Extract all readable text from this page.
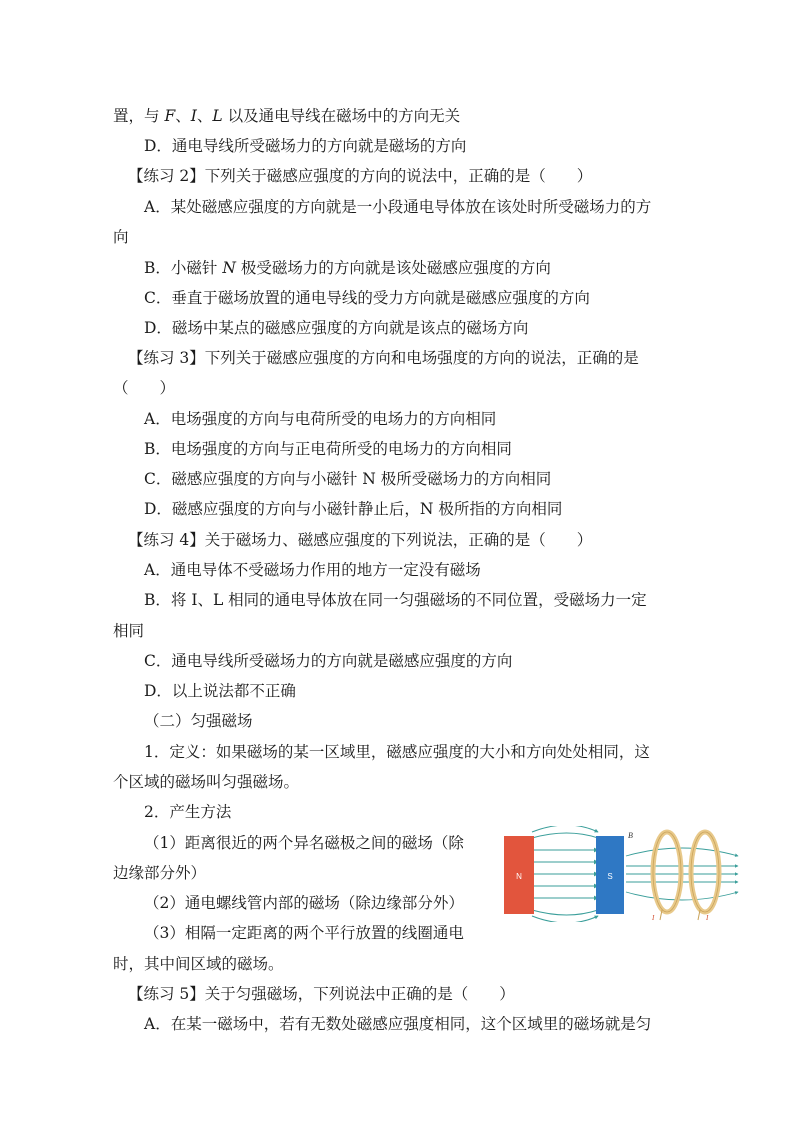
置，与 F、I、L 以及通电导线在磁场中的方向无关
D．通电导线所受磁场力的方向就是磁场的方向
【练习 2】下列关于磁感应强度的方向的说法中，正确的是（　　）
A．某处磁感应强度的方向就是一小段通电导体放在该处时所受磁场力的方
向
B．小磁针 N 极受磁场力的方向就是该处磁感应强度的方向
C．垂直于磁场放置的通电导线的受力方向就是磁感应强度的方向
D．磁场中某点的磁感应强度的方向就是该点的磁场方向
【练习 3】下列关于磁感应强度的方向和电场强度的方向的说法，正确的是
（　　）
A．电场强度的方向与电荷所受的电场力的方向相同
B．电场强度的方向与正电荷所受的电场力的方向相同
C．磁感应强度的方向与小磁针 N 极所受磁场力的方向相同
D．磁感应强度的方向与小磁针静止后，N 极所指的方向相同
【练习 4】关于磁场力、磁感应强度的下列说法，正确的是（　　）
A．通电导体不受磁场力作用的地方一定没有磁场
B．将 I、L 相同的通电导体放在同一匀强磁场的不同位置，受磁场力一定
相同
C．通电导线所受磁场力的方向就是磁感应强度的方向
D．以上说法都不正确
（二）匀强磁场
1．定义：如果磁场的某一区域里，磁感应强度的大小和方向处处相同，这
个区域的磁场叫匀强磁场。
2．产生方法
（1）距离很近的两个异名磁极之间的磁场（除
边缘部分外）
（2）通电螺线管内部的磁场（除边缘部分外）
（3）相隔一定距离的两个平行放置的线圈通电
时，其中间区域的磁场。
【练习 5】关于匀强磁场，下列说法中正确的是（　　）
A．在某一磁场中，若有无数处磁感应强度相同，这个区域里的磁场就是匀
N	S
B
I	I
